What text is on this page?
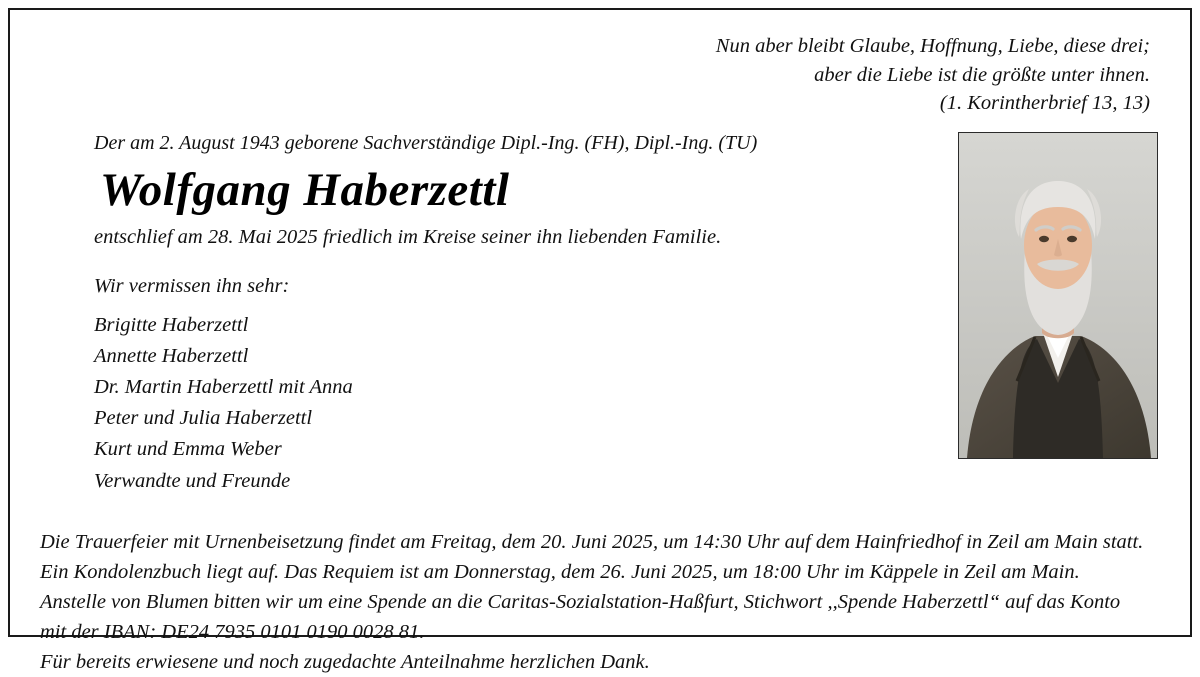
Nun aber bleibt Glaube, Hoffnung, Liebe, diese drei;
aber die Liebe ist die größte unter ihnen.
(1. Korintherbrief 13, 13)
Der am 2. August 1943 geborene Sachverständige Dipl.-Ing. (FH), Dipl.-Ing. (TU)
Wolfgang Haberzettl
entschlief am 28. Mai 2025 friedlich im Kreise seiner ihn liebenden Familie.
Wir vermissen ihn sehr:
Brigitte Haberzettl
Annette Haberzettl
Dr. Martin Haberzettl mit Anna
Peter und Julia Haberzettl
Kurt und Emma Weber
Verwandte und Freunde

Die Trauerfeier mit Urnenbeisetzung findet am Freitag, dem 20. Juni 2025, um 14:30 Uhr auf dem Hainfriedhof in Zeil am Main statt.

Ein Kondolenzbuch liegt auf. Das Requiem ist am Donnerstag, dem 26. Juni 2025, um 18:00 Uhr im Käppele in Zeil am Main.

Anstelle von Blumen bitten wir um eine Spende an die Caritas-Sozialstation-Haßfurt, Stichwort ,,Spende Haberzettl“ auf das Konto

mit der IBAN: DE24 7935 0101 0190 0028 81.

Für bereits erwiesene und noch zugedachte Anteilnahme herzlichen Dank.
